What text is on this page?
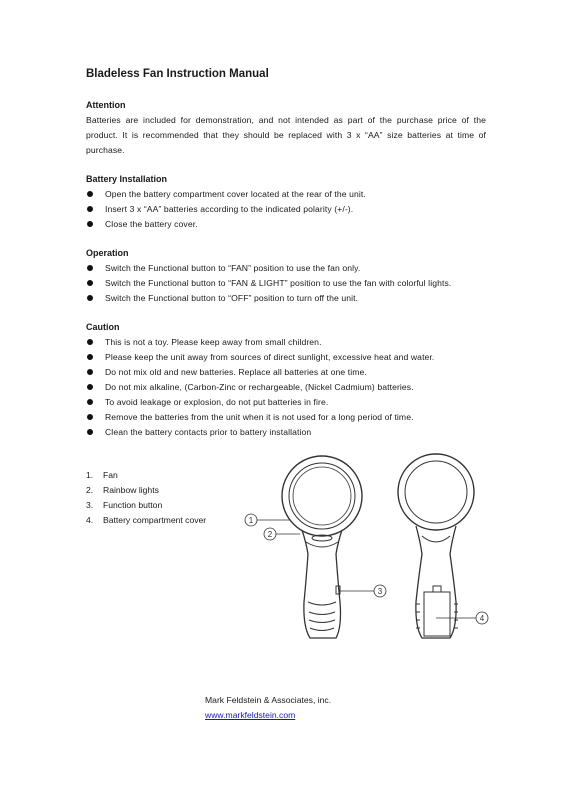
Bladeless Fan Instruction Manual
Attention
Batteries are included for demonstration, and not intended as part of the purchase price of the product. It is recommended that they should be replaced with 3 x “AA” size batteries at time of purchase.
Battery Installation
Open the battery compartment cover located at the rear of the unit.
Insert 3 x “AA” batteries according to the indicated polarity (+/-).
Close the battery cover.
Operation
Switch the Functional button to “FAN” position to use the fan only.
Switch the Functional button to “FAN & LIGHT” position to use the fan with colorful lights.
Switch the Functional button to “OFF” position to turn off the unit.
Caution
This is not a toy. Please keep away from small children.
Please keep the unit away from sources of direct sunlight, excessive heat and water.
Do not mix old and new batteries. Replace all batteries at one time.
Do not mix alkaline, (Carbon-Zinc or rechargeable, (Nickel Cadmium) batteries.
To avoid leakage or explosion, do not put batteries in fire.
Remove the batteries from the unit when it is not used for a long period of time.
Clean the battery contacts prior to battery installation
1. Fan
2. Rainbow lights
3. Function button
4. Battery compartment cover	1
2
3
4
Mark Feldstein & Associates, inc.
www.markfeldstein.com
